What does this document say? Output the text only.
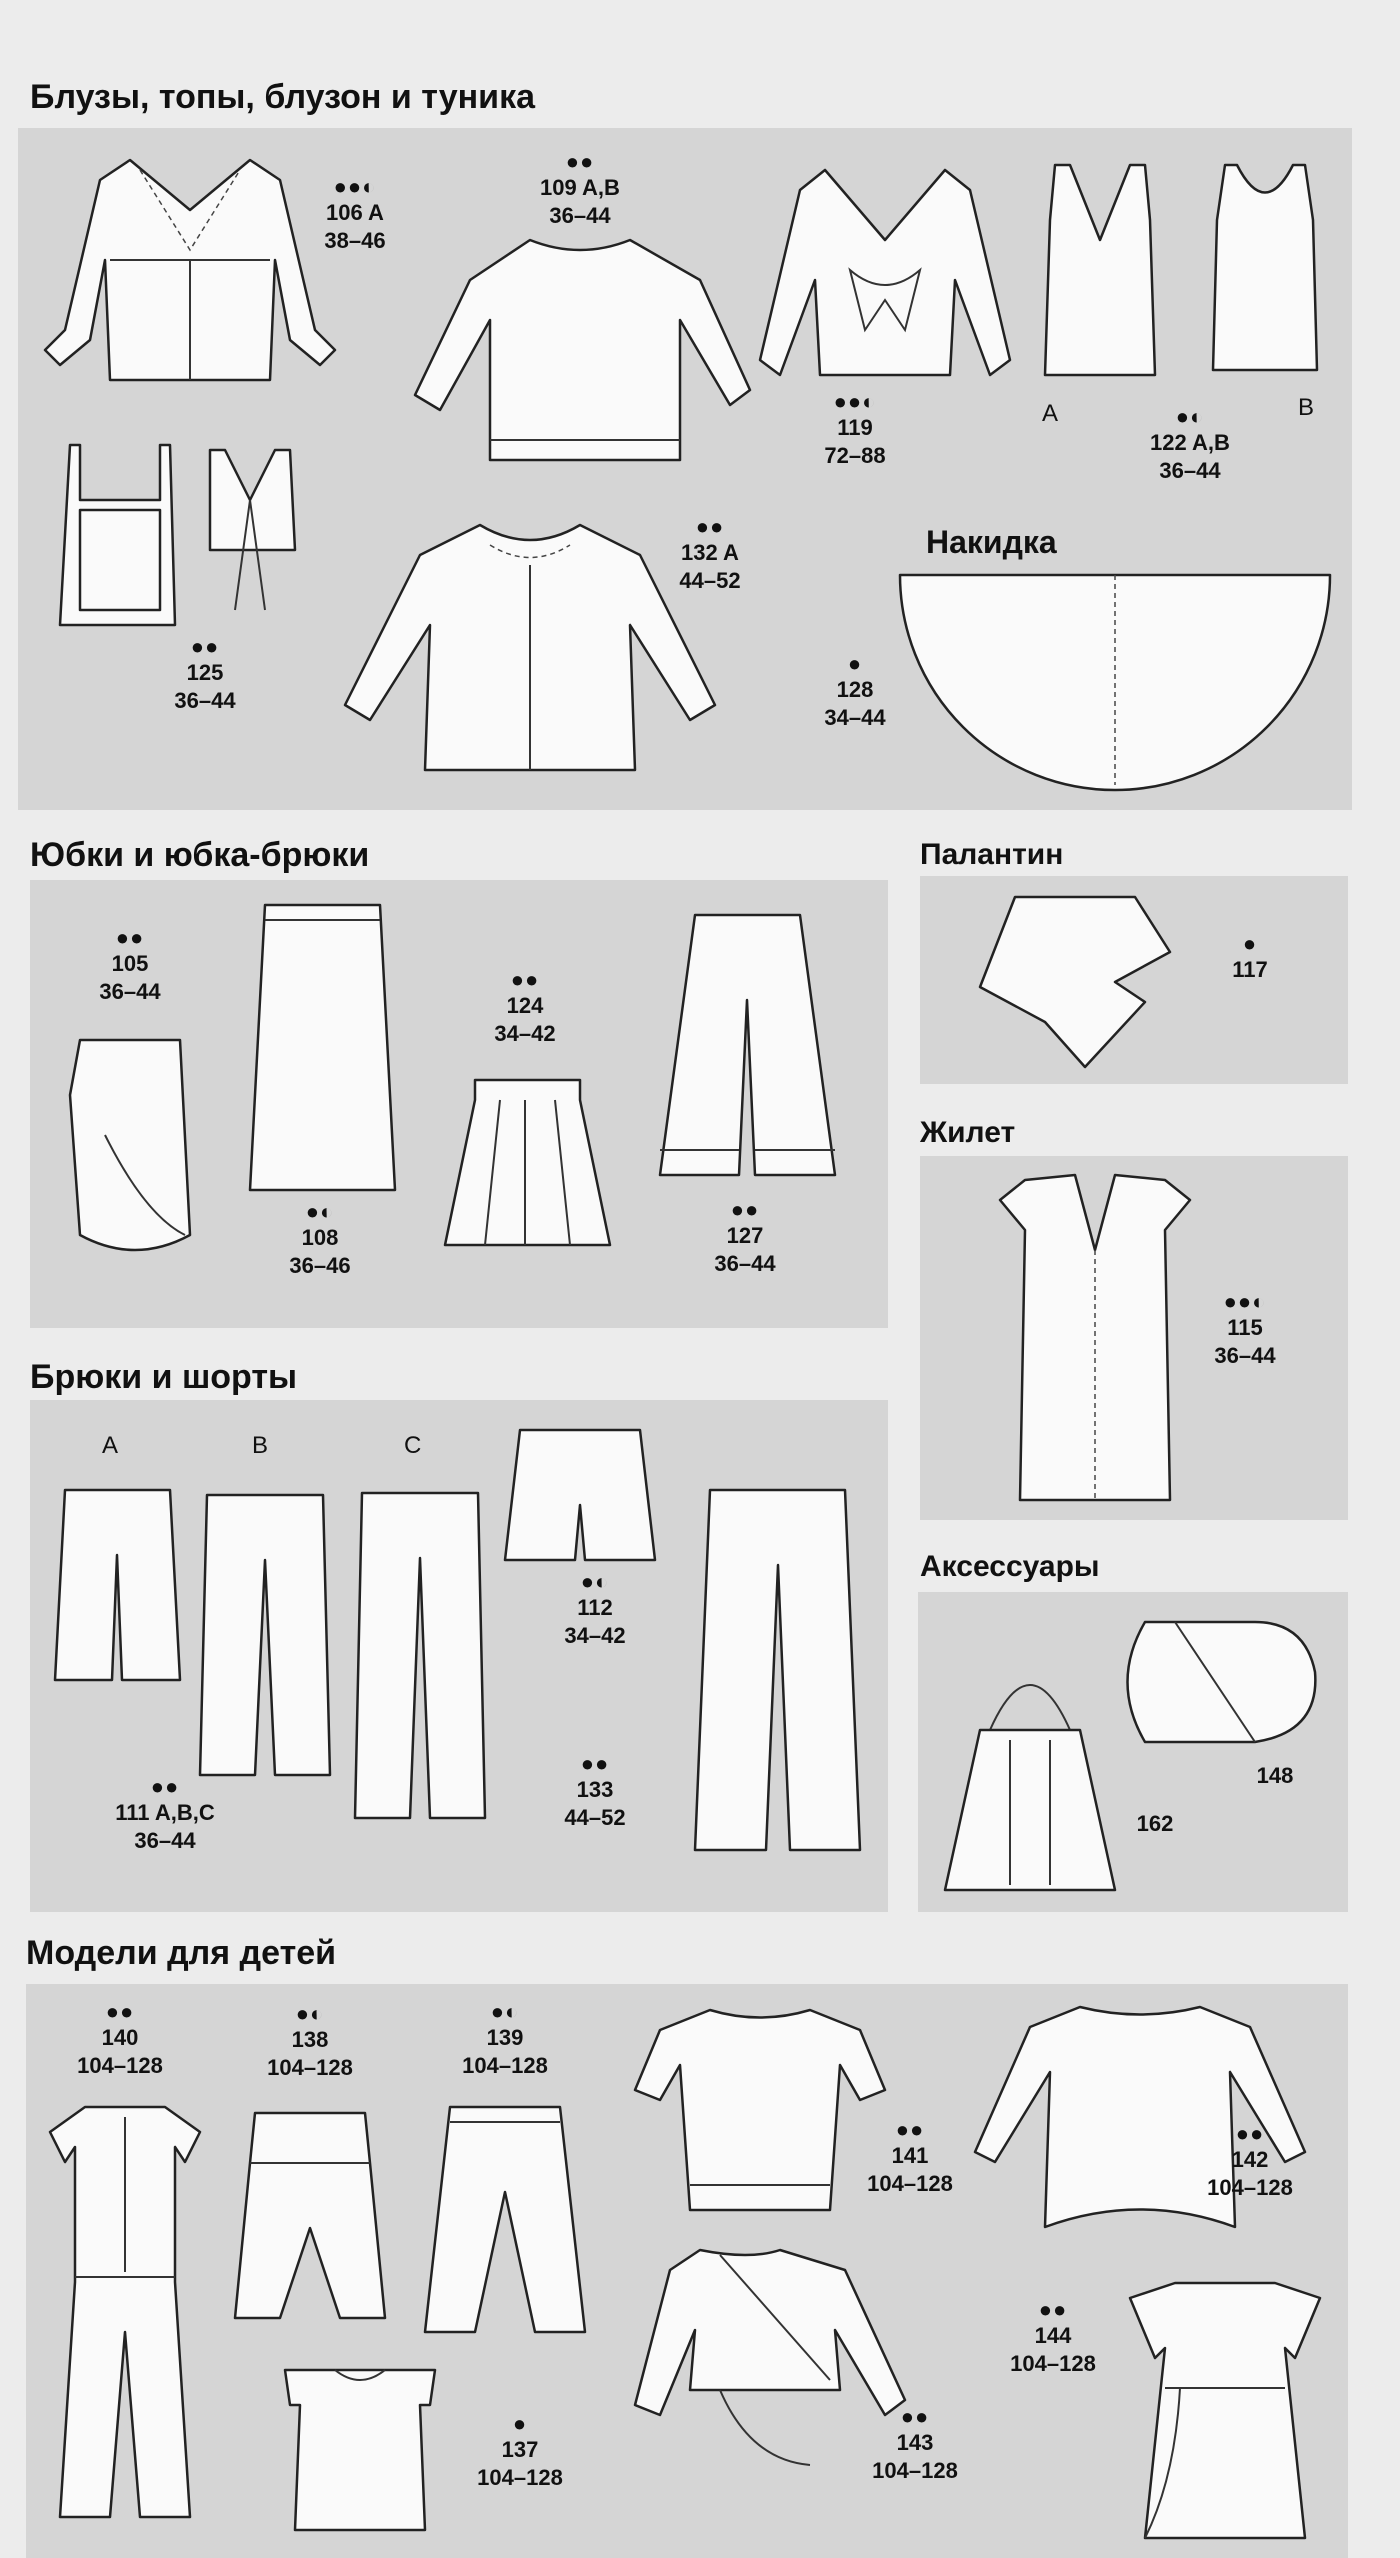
Блузы, топы, блузон и туника
Накидка
Юбки и юбка-брюки	Палантин
Жилет
Брюки и шорты
Аксессуары
Модели для детей
●●◐
106 A
38–46
●●
109 A,B
36–44
●●◐
119
72–88
●◐
122 A,B
36–44
A	B
●●
125
36–44
●●
132 A
44–52
●
128
34–44
●●
105
36–44
●◐
108
36–46
●●
124
34–42
●●
127
36–44
●
117
●●◐
115
36–44
A	B	C
●◐
112
34–42
●●
111 A,B,C
36–44
●●
133
44–52	162
148
●●
140
104–128
●◐
138
104–128
●◐
139
104–128
●●
141
104–128
●●
142
104–128
●●
143
104–128
●
137
104–128
●●
144
104–128
